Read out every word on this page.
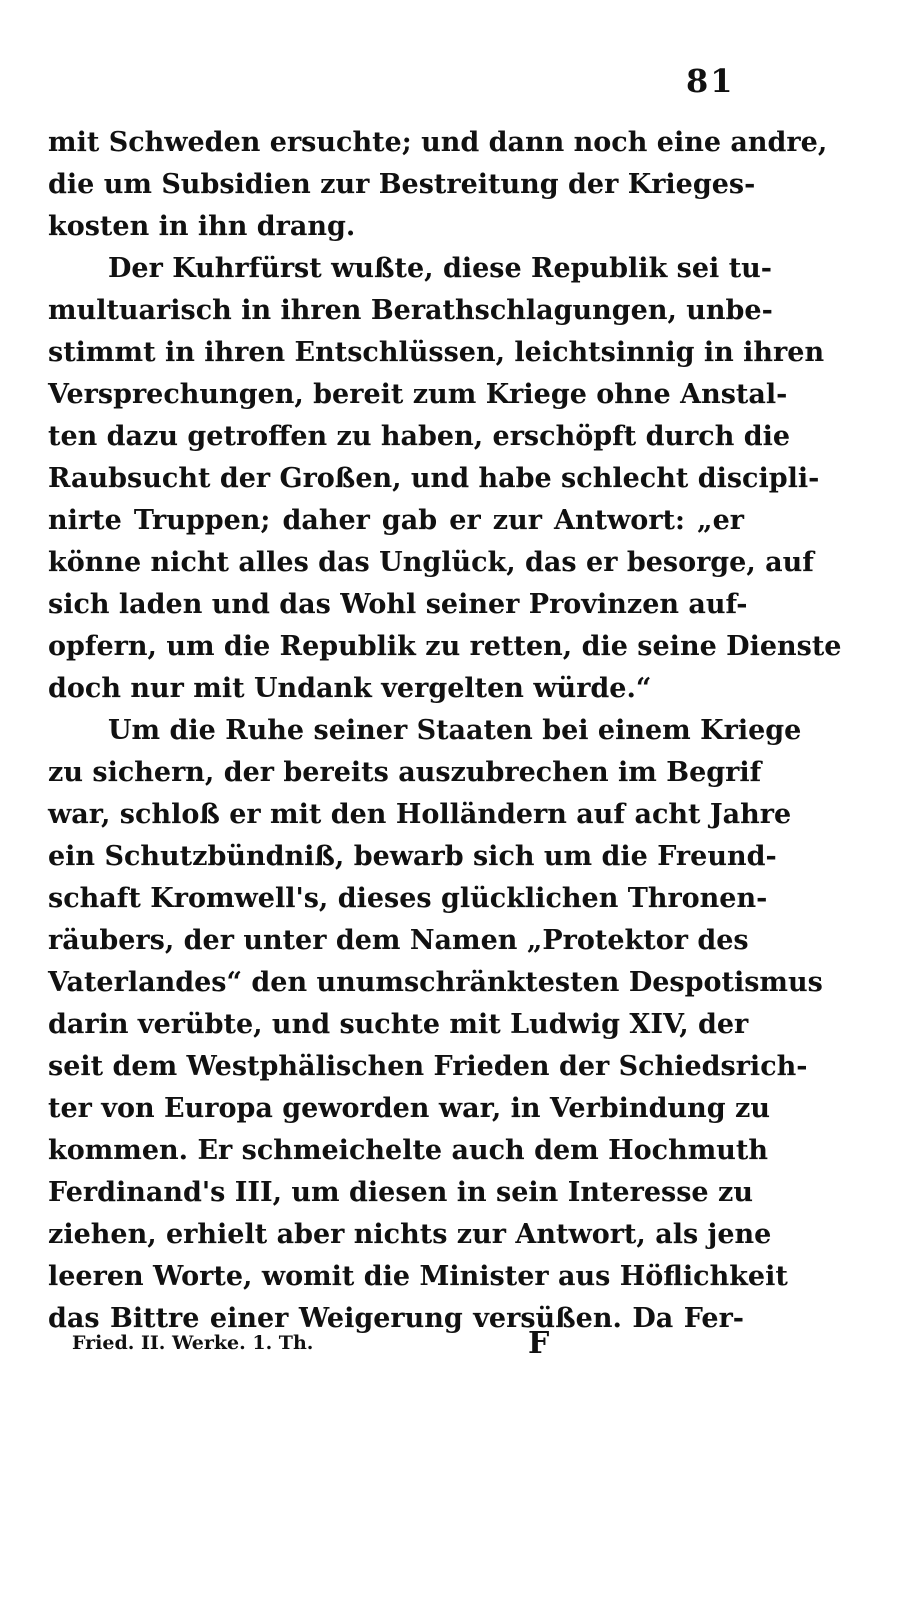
81
mit Schweden ersuchte; und dann noch eine andre,
die um Subsidien zur Bestreitung der Krieges-
kosten in ihn drang.
Der Kuhrfürst wußte, diese Republik sei tu-
multuarisch in ihren Berathschlagungen, unbe-
stimmt in ihren Entschlüssen, leichtsinnig in ihren
Versprechungen, bereit zum Kriege ohne Anstal-
ten dazu getroffen zu haben, erschöpft durch die
Raubsucht der Großen, und habe schlecht discipli-
nirte Truppen; daher gab er zur Antwort: „er
könne nicht alles das Unglück, das er besorge, auf
sich laden und das Wohl seiner Provinzen auf-
opfern, um die Republik zu retten, die seine Dienste
doch nur mit Undank vergelten würde.“
Um die Ruhe seiner Staaten bei einem Kriege
zu sichern, der bereits auszubrechen im Begrif
war, schloß er mit den Holländern auf acht Jahre
ein Schutzbündniß, bewarb sich um die Freund-
schaft Kromwell's, dieses glücklichen Thronen-
räubers, der unter dem Namen „Protektor des
Vaterlandes“ den unumschränktesten Despotismus
darin verübte, und suchte mit Ludwig XIV, der
seit dem Westphälischen Frieden der Schiedsrich-
ter von Europa geworden war, in Verbindung zu
kommen. Er schmeichelte auch dem Hochmuth
Ferdinand's III, um diesen in sein Interesse zu
ziehen, erhielt aber nichts zur Antwort, als jene
leeren Worte, womit die Minister aus Höflichkeit
das Bittre einer Weigerung versüßen. Da Fer-
Fried. II. Werke. 1. Th.	F
